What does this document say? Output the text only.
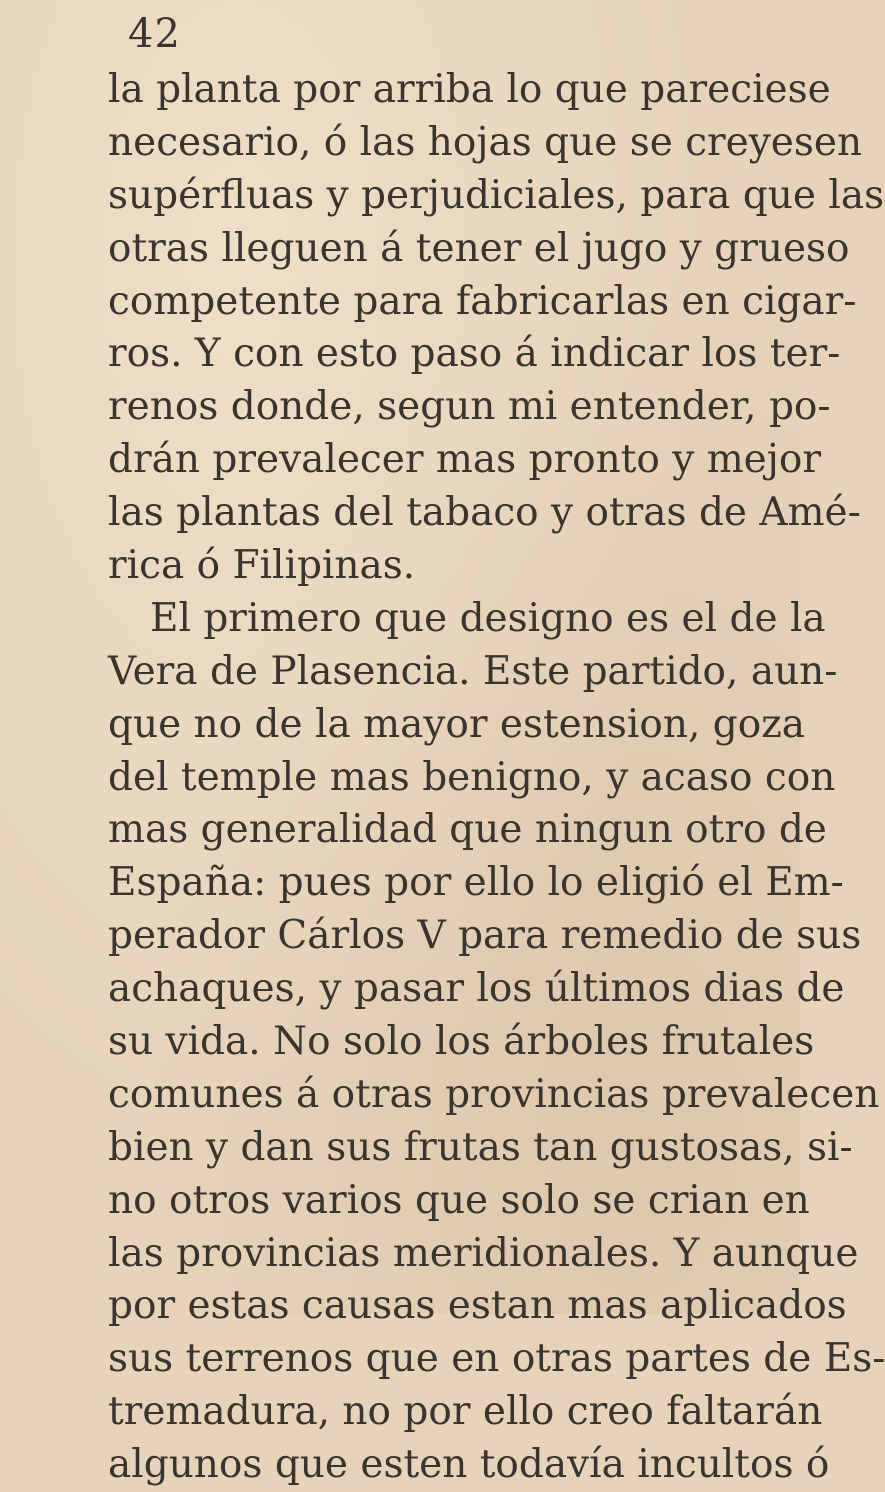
42
la planta por arriba lo que pareciese
necesario, ó las hojas que se creyesen
supérfluas y perjudiciales, para que las
otras lleguen á tener el jugo y grueso
competente para fabricarlas en cigar-
ros. Y con esto paso á indicar los ter-
renos donde, segun mi entender, po-
drán prevalecer mas pronto y mejor
las plantas del tabaco y otras de Amé-
rica ó Filipinas.
El primero que designo es el de la
Vera de Plasencia. Este partido, aun-
que no de la mayor estension, goza
del temple mas benigno, y acaso con
mas generalidad que ningun otro de
España: pues por ello lo eligió el Em-
perador Cárlos V para remedio de sus
achaques, y pasar los últimos dias de
su vida. No solo los árboles frutales
comunes á otras provincias prevalecen
bien y dan sus frutas tan gustosas, si-
no otros varios que solo se crian en
las provincias meridionales. Y aunque
por estas causas estan mas aplicados
sus terrenos que en otras partes de Es-
tremadura, no por ello creo faltarán
algunos que esten todavía incultos ó
